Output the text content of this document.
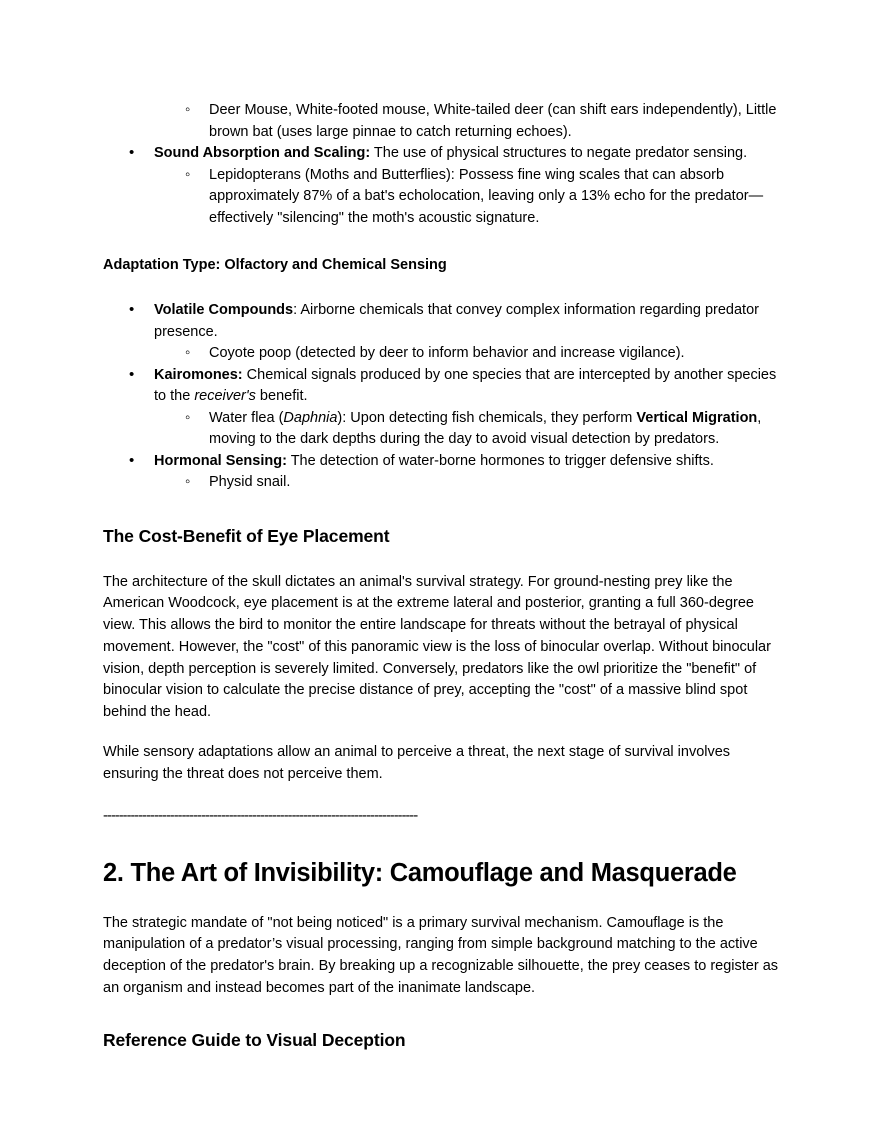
◦ Deer Mouse, White-footed mouse, White-tailed deer (can shift ears independently), Little brown bat (uses large pinnae to catch returning echoes).
• Sound Absorption and Scaling: The use of physical structures to negate predator sensing.
◦ Lepidopterans (Moths and Butterflies): Possess fine wing scales that can absorb approximately 87% of a bat's echolocation, leaving only a 13% echo for the predator—effectively "silencing" the moth's acoustic signature.
Adaptation Type: Olfactory and Chemical Sensing
• Volatile Compounds: Airborne chemicals that convey complex information regarding predator presence.
◦ Coyote poop (detected by deer to inform behavior and increase vigilance).
• Kairomones: Chemical signals produced by one species that are intercepted by another species to the receiver's benefit.
◦ Water flea (Daphnia): Upon detecting fish chemicals, they perform Vertical Migration, moving to the dark depths during the day to avoid visual detection by predators.
• Hormonal Sensing: The detection of water-borne hormones to trigger defensive shifts.
◦ Physid snail.
The Cost-Benefit of Eye Placement

The architecture of the skull dictates an animal's survival strategy. For ground-nesting prey like the American Woodcock, eye placement is at the extreme lateral and posterior, granting a full 360-degree view. This allows the bird to monitor the entire landscape for threats without the betrayal of physical movement. However, the "cost" of this panoramic view is the loss of binocular overlap. Without binocular vision, depth perception is severely limited. Conversely, predators like the owl prioritize the "benefit" of binocular vision to calculate the precise distance of prey, accepting the "cost" of a massive blind spot behind the head.

While sensory adaptations allow an animal to perceive a threat, the next stage of survival involves ensuring the threat does not perceive them.

--------------------------------------------------------------------------------
2. The Art of Invisibility: Camouflage and Masquerade

The strategic mandate of "not being noticed" is a primary survival mechanism. Camouflage is the manipulation of a predator’s visual processing, ranging from simple background matching to the active deception of the predator's brain. By breaking up a recognizable silhouette, the prey ceases to register as an organism and instead becomes part of the inanimate landscape.

Reference Guide to Visual Deception
